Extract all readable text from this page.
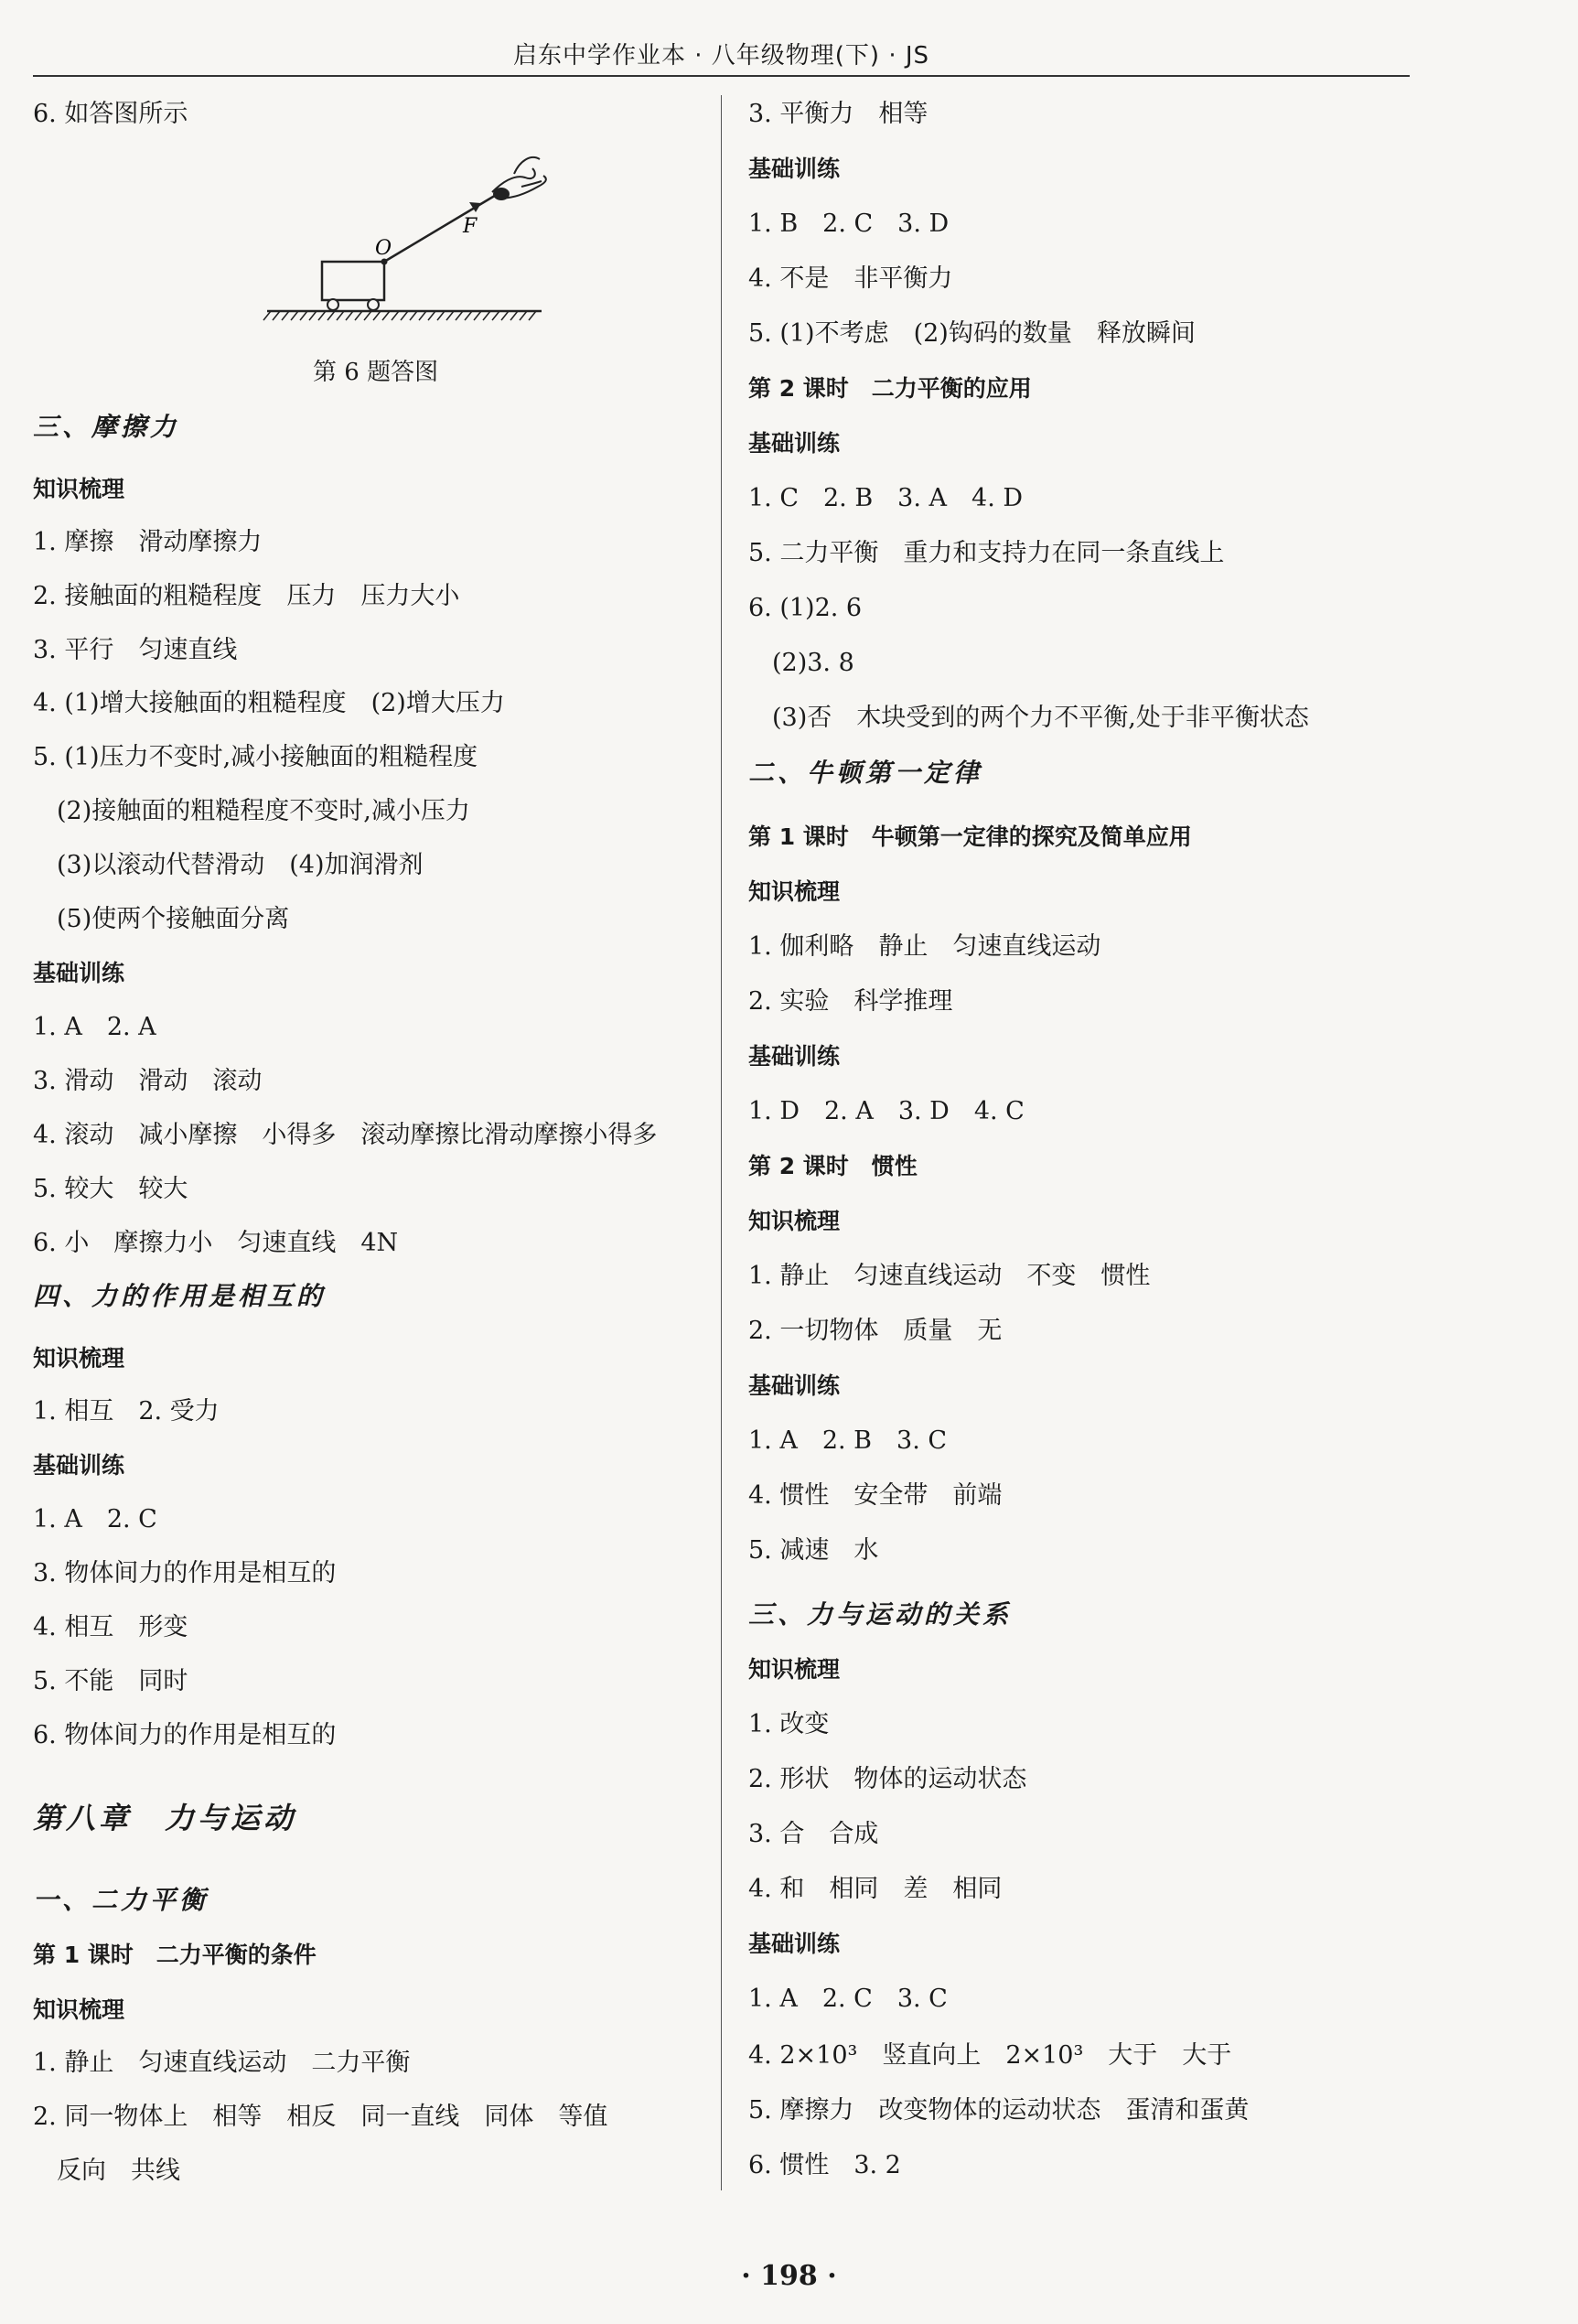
启东中学作业本 · 八年级物理(下) · JS
O
F
6. 如答图所示
三、摩擦力
知识梳理
1. 摩擦　滑动摩擦力
2. 接触面的粗糙程度　压力　压力大小
3. 平行　匀速直线
4. (1)增大接触面的粗糙程度　(2)增大压力
5. (1)压力不变时,减小接触面的粗糙程度
(2)接触面的粗糙程度不变时,减小压力
(3)以滚动代替滑动　(4)加润滑剂
(5)使两个接触面分离
基础训练
1. A　2. A
3. 滑动　滑动　滚动
4. 滚动　减小摩擦　小得多　滚动摩擦比滑动摩擦小得多
5. 较大　较大
6. 小　摩擦力小　匀速直线　4N
四、力的作用是相互的
知识梳理
1. 相互　2. 受力
基础训练
1. A　2. C
3. 物体间力的作用是相互的
4. 相互　形变
5. 不能　同时
6. 物体间力的作用是相互的
第八章　力与运动
一、二力平衡
第 1 课时　二力平衡的条件
知识梳理
1. 静止　匀速直线运动　二力平衡
2. 同一物体上　相等　相反　同一直线　同体　等值
反向　共线
第 6 题答图
3. 平衡力　相等
基础训练
1. B　2. C　3. D
4. 不是　非平衡力
5. (1)不考虑　(2)钩码的数量　释放瞬间
第 2 课时　二力平衡的应用
基础训练
1. C　2. B　3. A　4. D
5. 二力平衡　重力和支持力在同一条直线上
6. (1)2. 6
(2)3. 8
(3)否　木块受到的两个力不平衡,处于非平衡状态
二、牛顿第一定律
第 1 课时　牛顿第一定律的探究及简单应用
知识梳理
1. 伽利略　静止　匀速直线运动
2. 实验　科学推理
基础训练
1. D　2. A　3. D　4. C
第 2 课时　惯性
知识梳理
1. 静止　匀速直线运动　不变　惯性
2. 一切物体　质量　无
基础训练
1. A　2. B　3. C
4. 惯性　安全带　前端
5. 减速　水
三、力与运动的关系
知识梳理
1. 改变
2. 形状　物体的运动状态
3. 合　合成
4. 和　相同　差　相同
基础训练
1. A　2. C　3. C
4. 2×10³　竖直向上　2×10³　大于　大于
5. 摩擦力　改变物体的运动状态　蛋清和蛋黄
6. 惯性　3. 2
· 198 ·
